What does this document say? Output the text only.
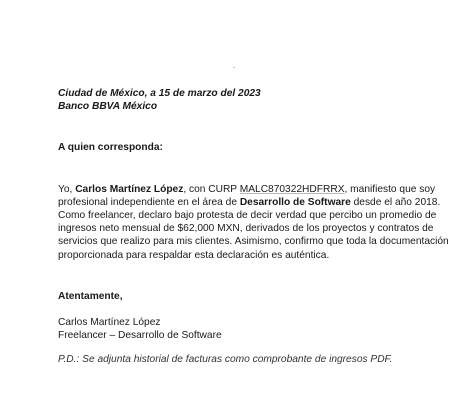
.
Ciudad de México, a 15 de marzo del 2023
Banco BBVA México
A quien corresponda:
Yo, Carlos Martínez López, con CURP MALC870322HDFRRX, manifiesto que soy profesional independiente en el área de Desarrollo de Software desde el año 2018. Como freelancer, declaro bajo protesta de decir verdad que percibo un promedio de ingresos neto mensual de $62,000 MXN, derivados de los proyectos y contratos de servicios que realizo para mis clientes. Asimismo, confirmo que toda la documentación proporcionada para respaldar esta declaración es auténtica.
Atentamente,
Carlos Martínez López
Freelancer – Desarrollo de Software
P.D.: Se adjunta historial de facturas como comprobante de ingresos PDF.
